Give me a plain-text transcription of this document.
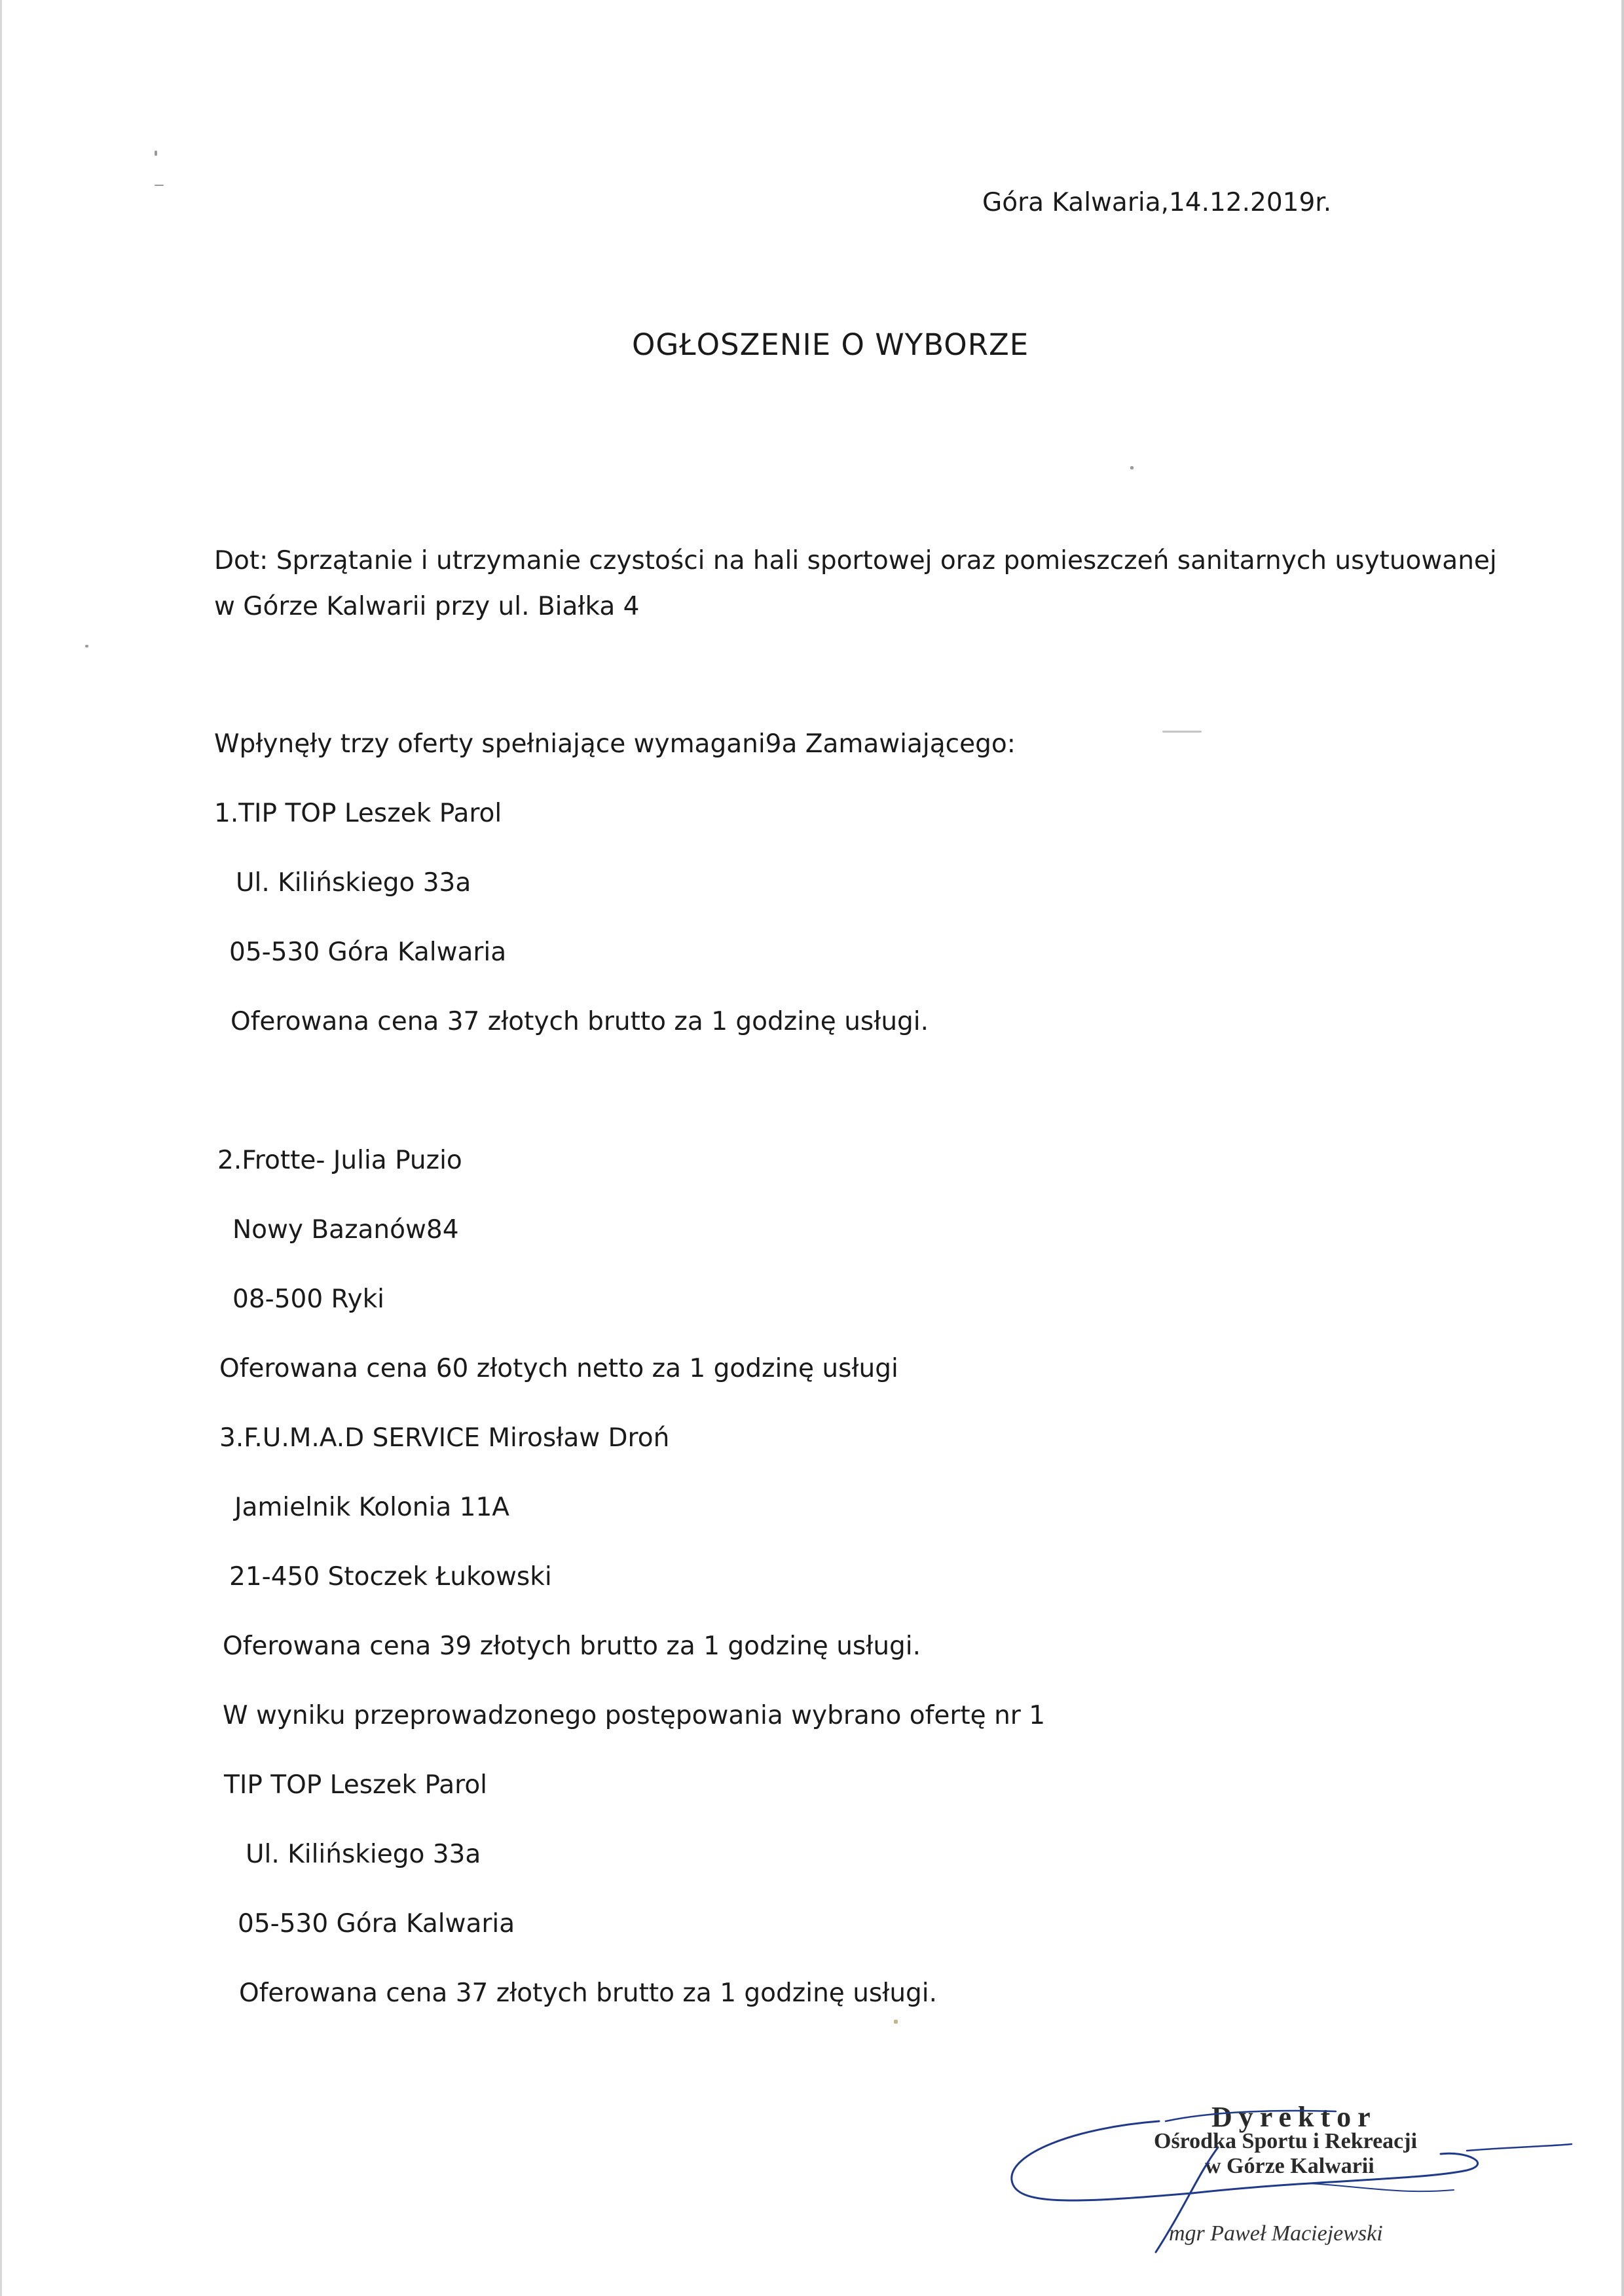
Góra Kalwaria,14.12.2019r.
OGŁOSZENIE O WYBORZE
Dot: Sprzątanie i utrzymanie czystości na hali sportowej oraz pomieszczeń sanitarnych usytuowanej
w Górze Kalwarii przy ul. Białka 4
Wpłynęły trzy oferty spełniające wymagani9a Zamawiającego:
1.TIP TOP Leszek Parol
Ul. Kilińskiego 33a
05-530 Góra Kalwaria
Oferowana cena 37 złotych brutto za 1 godzinę usługi.
2.Frotte- Julia Puzio
Nowy Bazanów84
08-500 Ryki
Oferowana cena 60 złotych netto za 1 godzinę usługi
3.F.U.M.A.D SERVICE Mirosław Droń
Jamielnik Kolonia 11A
21-450 Stoczek Łukowski
Oferowana cena 39 złotych brutto za 1 godzinę usługi.
W wyniku przeprowadzonego postępowania wybrano ofertę nr 1
TIP TOP Leszek Parol
Ul. Kilińskiego 33a
05-530 Góra Kalwaria
Oferowana cena 37 złotych brutto za 1 godzinę usługi.
Dyrektor
Ośrodka Sportu i Rekreacji
w Górze Kalwarii
mgr Paweł Maciejewski
